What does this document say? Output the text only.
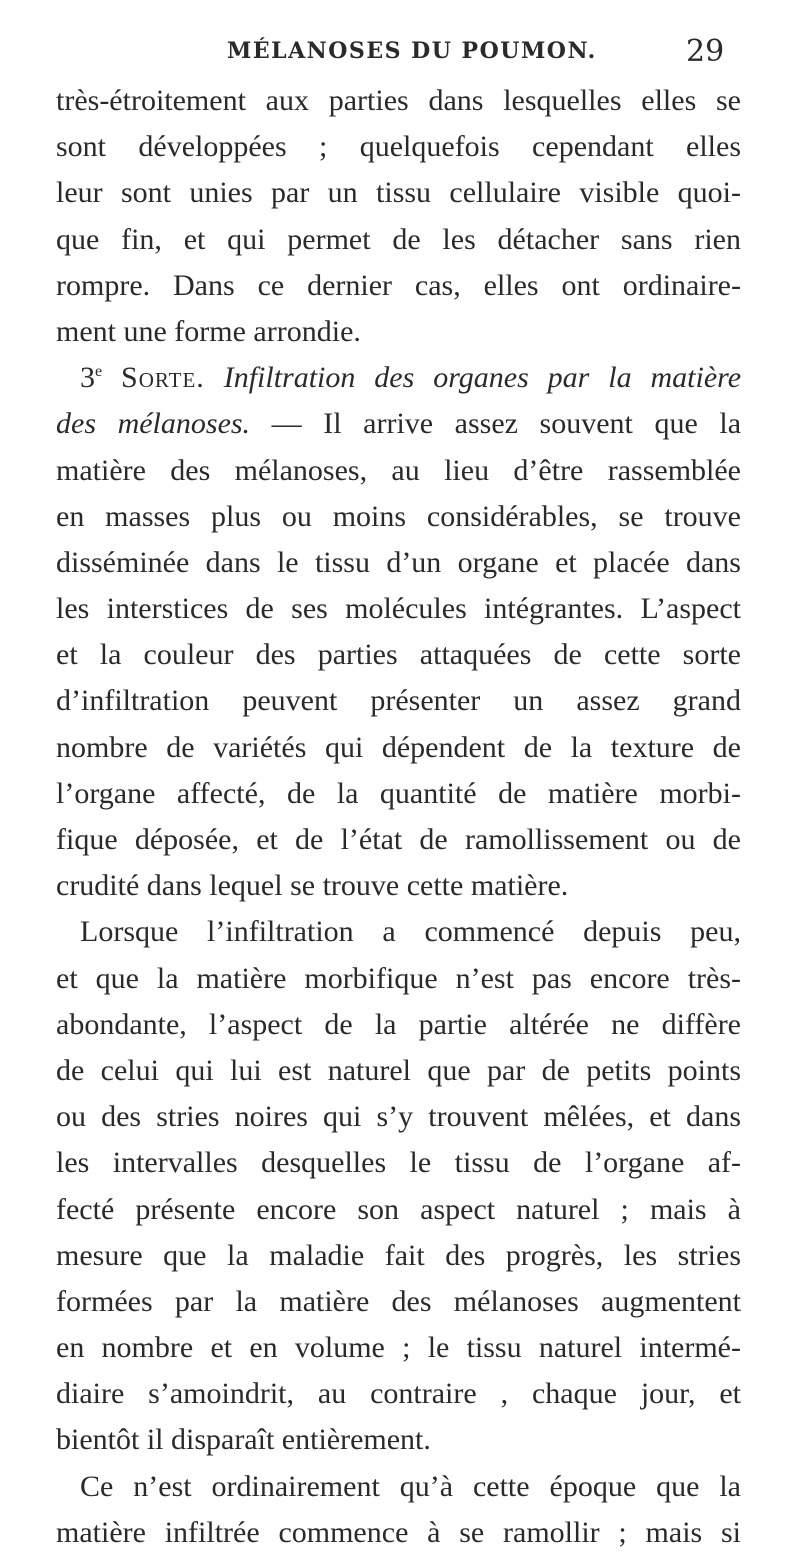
MÉLANOSES DU POUMON.	29
très-étroitement aux parties dans lesquelles elles se
sont développées ; quelquefois cependant elles
leur sont unies par un tissu cellulaire visible quoi-
que fin, et qui permet de les détacher sans rien
rompre. Dans ce dernier cas, elles ont ordinaire-
ment une forme arrondie.
3e Sorte. Infiltration des organes par la matière
des mélanoses. — Il arrive assez souvent que la
matière des mélanoses, au lieu d’être rassemblée
en masses plus ou moins considérables, se trouve
disséminée dans le tissu d’un organe et placée dans
les interstices de ses molécules intégrantes. L’aspect
et la couleur des parties attaquées de cette sorte
d’infiltration peuvent présenter un assez grand
nombre de variétés qui dépendent de la texture de
l’organe affecté, de la quantité de matière morbi-
fique déposée, et de l’état de ramollissement ou de
crudité dans lequel se trouve cette matière.
Lorsque l’infiltration a commencé depuis peu,
et que la matière morbifique n’est pas encore très-
abondante, l’aspect de la partie altérée ne diffère
de celui qui lui est naturel que par de petits points
ou des stries noires qui s’y trouvent mêlées, et dans
les intervalles desquelles le tissu de l’organe af-
fecté présente encore son aspect naturel ; mais à
mesure que la maladie fait des progrès, les stries
formées par la matière des mélanoses augmentent
en nombre et en volume ; le tissu naturel intermé-
diaire s’amoindrit, au contraire , chaque jour, et
bientôt il disparaît entièrement.
Ce n’est ordinairement qu’à cette époque que la
matière infiltrée commence à se ramollir ; mais si
